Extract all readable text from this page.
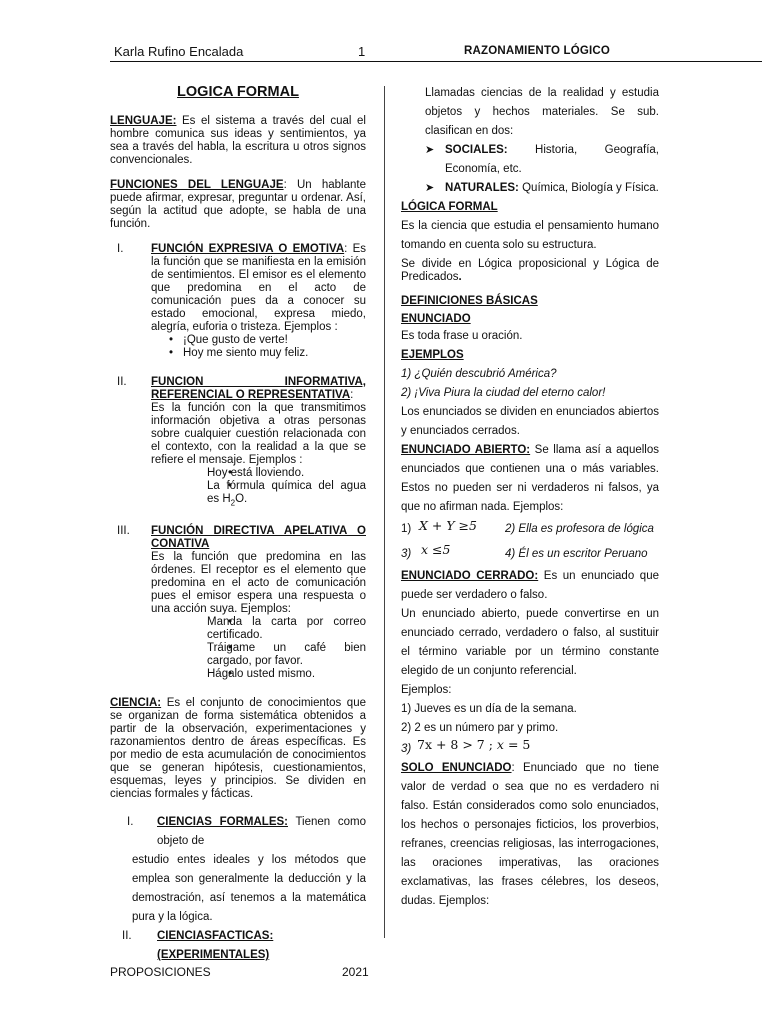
Karla Rufino Encalada	1	RAZONAMIENTO LÓGICO
LOGICA FORMAL

LENGUAJE: Es el sistema a través del cual el hombre comunica sus ideas y sentimientos, ya sea a través del habla, la escritura u otros signos convencionales.

FUNCIONES DEL LENGUAJE: Un hablante puede afirmar, expresar, preguntar u ordenar. Así, según la actitud que adopte, se habla de una función.

I. FUNCIÓN EXPRESIVA O EMOTIVA: Es la función que se manifiesta en la emisión de sentimientos. El emisor es el elemento que predomina en el acto de comunicación pues da a conocer su estado emocional, expresa miedo, alegría, euforia o tristeza. Ejemplos :
• ¡Que gusto de verte!
• Hoy me siento muy feliz.
II. FUNCION INFORMATIVA, REFERENCIAL O REPRESENTATIVA:
Es la función con la que transmitimos información objetiva a otras personas sobre cualquier cuestión relacionada con el contexto, con la realidad a la que se refiere el mensaje. Ejemplos :
• Hoy está lloviendo.
• La fórmula química del agua es $H_2O$.
III. FUNCIÓN DIRECTIVA APELATIVA O CONATIVA
Es la función que predomina en las órdenes. El receptor es el elemento que predomina en el acto de comunicación pues el emisor espera una respuesta o una acción suya. Ejemplos:
• Manda la carta por correo certificado.
• Tráigame un café bien cargado, por favor.
• Hágalo usted mismo.

CIENCIA: Es el conjunto de conocimientos que se organizan de forma sistemática obtenidos a partir de la observación, experimentaciones y razonamientos dentro de áreas específicas. Es por medio de esta acumulación de conocimientos que se generan hipótesis, cuestionamientos, esquemas, leyes y principios. Se dividen en ciencias formales y fácticas.

I. CIENCIAS FORMALES: Tienen como objeto de

estudio entes ideales y los métodos que emplea son generalmente la deducción y la demostración, así tenemos a la matemática pura y la lógica.

II. CIENCIASFACTICAS: (EXPERIMENTALES)

Llamadas ciencias de la realidad y estudia objetos y hechos materiales. Se sub. clasifican en dos:

➤ SOCIALES: Historia, Geografía, Economía, etc.
➤ NATURALES: Química, Biología y Física.

LÓGICA FORMAL

Es la ciencia que estudia el pensamiento humano tomando en cuenta solo su estructura.

Se divide en Lógica proposicional y Lógica de Predicados.

DEFINICIONES BÁSICAS

ENUNCIADO

Es toda frase u oración.

EJEMPLOS

1) ¿Quién descubrió América?

2) ¡Viva Piura la ciudad del eterno calor!

Los enunciados se dividen en enunciados abiertos y enunciados cerrados.

ENUNCIADO ABIERTO: Se llama así a aquellos enunciados que contienen una o más variables. Estos no pueden ser ni verdaderos ni falsos, ya que no afirman nada. Ejemplos:

1) X + Y ≥5 2) Ella es profesora de lógica
3) x ≤5	4) Él es un escritor Peruano

ENUNCIADO CERRADO: Es un enunciado que puede ser verdadero o falso.

Un enunciado abierto, puede convertirse en un enunciado cerrado, verdadero o falso, al sustituir el término variable por un término constante elegido de un conjunto referencial.

Ejemplos:

1) Jueves es un día de la semana.

2) 2 es un número par y primo.

3) 7x + 8 > 7 ; x = 5

SOLO ENUNCIADO: Enunciado que no tiene valor de verdad o sea que no es verdadero ni falso. Están considerados como solo enunciados, los hechos o personajes ficticios, los proverbios, refranes, creencias religiosas, las interrogaciones, las oraciones imperativas, las oraciones exclamativas, las frases célebres, los deseos, dudas. Ejemplos:

PROPOSICIONES	2021
